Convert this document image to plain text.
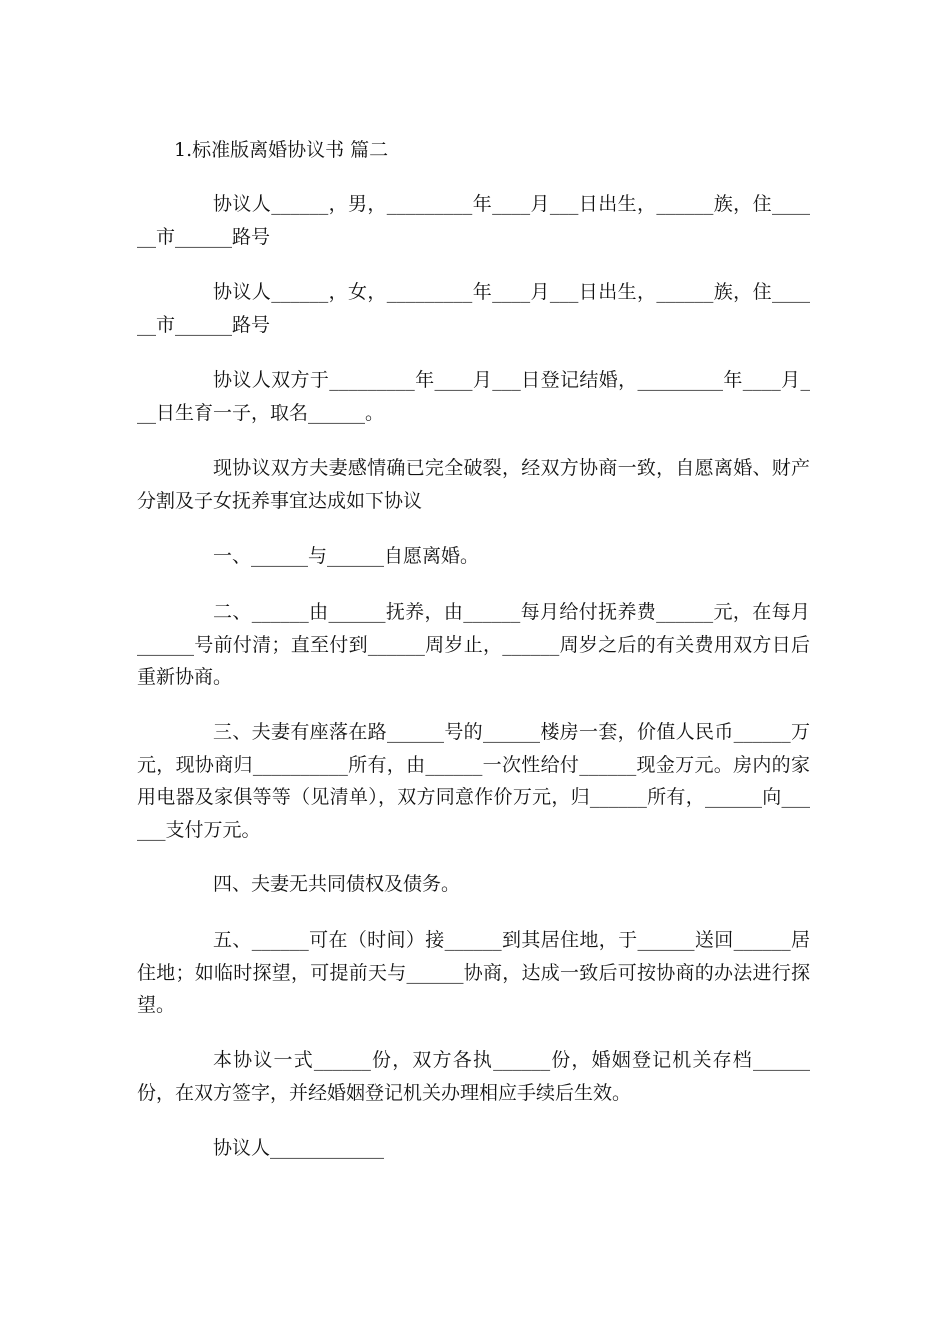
1.标准版离婚协议书 篇二

协议人______，男，_________年____月___日出生，______族，住______市______路号

协议人______，女，_________年____月___日出生，______族，住______市______路号

协议人双方于_________年____月___日登记结婚，_________年____月___日生育一子，取名______。

现协议双方夫妻感情确已完全破裂，经双方协商一致，自愿离婚、财产分割及子女抚养事宜达成如下协议

一、______与______自愿离婚。

二、______由______抚养，由______每月给付抚养费______元，在每月______号前付清；直至付到______周岁止，______周岁之后的有关费用双方日后重新协商。

三、夫妻有座落在路______号的______楼房一套，价值人民币______万元，现协商归__________所有，由______一次性给付______现金万元。房内的家用电器及家俱等等（见清单），双方同意作价万元，归______所有，______向______支付万元。

四、夫妻无共同债权及债务。

五、______可在（时间）接______到其居住地，于______送回______居住地；如临时探望，可提前天与______协商，达成一致后可按协商的办法进行探望。

本协议一式______份，双方各执______份，婚姻登记机关存档______份，在双方签字，并经婚姻登记机关办理相应手续后生效。

协议人____________
